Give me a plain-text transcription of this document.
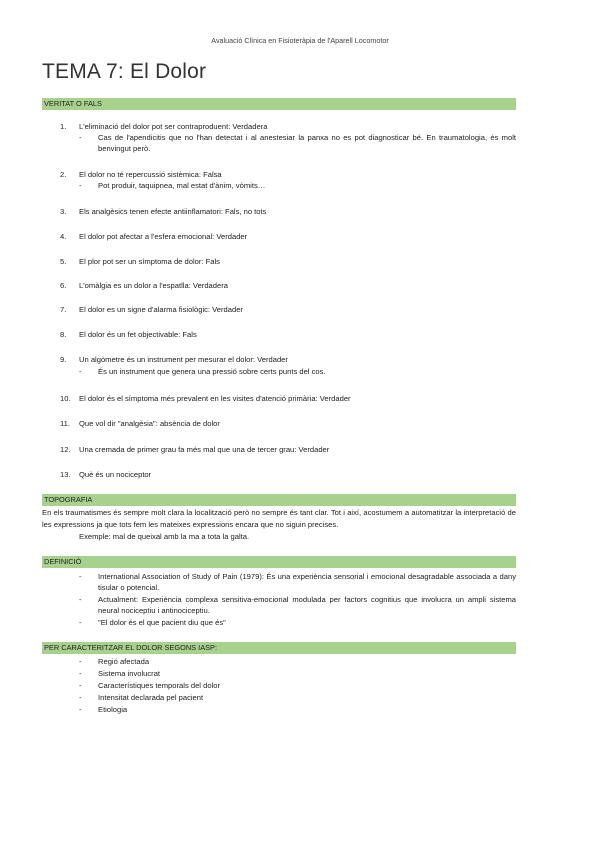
Avaluació Clínica en Fisioteràpia de l'Aparell Locomotor
TEMA 7: El Dolor
VERITAT O FALS
1.	L'eliminació del dolor pot ser contraproduent: Verdadera
- Cas de l'apendicitis que no l'han detectat i al anestesiar la panxa no es pot diagnosticar bé. En traumatologia, és molt benvingut però.
2.	El dolor no té repercussió sistèmica: Falsa
- Pot produir, taquipnea, mal estat d'ànim, vòmits…
3.	Els analgèsics tenen efecte antiinflamatori: Fals, no tots
4.	El dolor pot afectar a l'esfera emocional: Verdader
5.	El plor pot ser un símptoma de dolor: Fals
6.	L'omàlgia es un dolor a l'espatlla: Verdadera
7.	El dolor es un signe d'alarma fisiològic: Verdader
8.	El dolor és un fet objectivable: Fals
9.	Un algòmetre és un instrument per mesurar el dolor: Verdader
- És un instrument que genera una pressió sobre certs punts del cos.
10.	El dolor és el símptoma més prevalent en les visites d'atenció primària: Verdader
11.	Que vol dir "analgèsia": absència de dolor
12.	Una cremada de primer grau fa més mal que una de tercer grau: Verdader
13.	Què és un nociceptor
TOPOGRAFIA
En els traumatismes és sempre molt clara la localització però no sempre és tant clar. Tot i així, acostumem a automatitzar la interpretació de les expressions ja que tots fem les mateixes expressions encara que no siguin precises.
Exemple: mal de queixal amb la ma a tota la galta.
DEFINICIÓ
- International Association of Study of Pain (1979): És una experiència sensorial i emocional desagradable associada a dany tisular o potencial.
- Actualment: Experiència complexa sensitiva-emocional modulada per factors cognitius que involucra un ampli sistema neural nociceptiu i antinociceptiu.
- "El dolor és el que pacient diu que és"
PER CARACTERITZAR EL DOLOR SEGONS IASP:
- Regió afectada
- Sistema involucrat
- Característiques temporals del dolor
- Intensitat declarada pel pacient
- Etiologia
